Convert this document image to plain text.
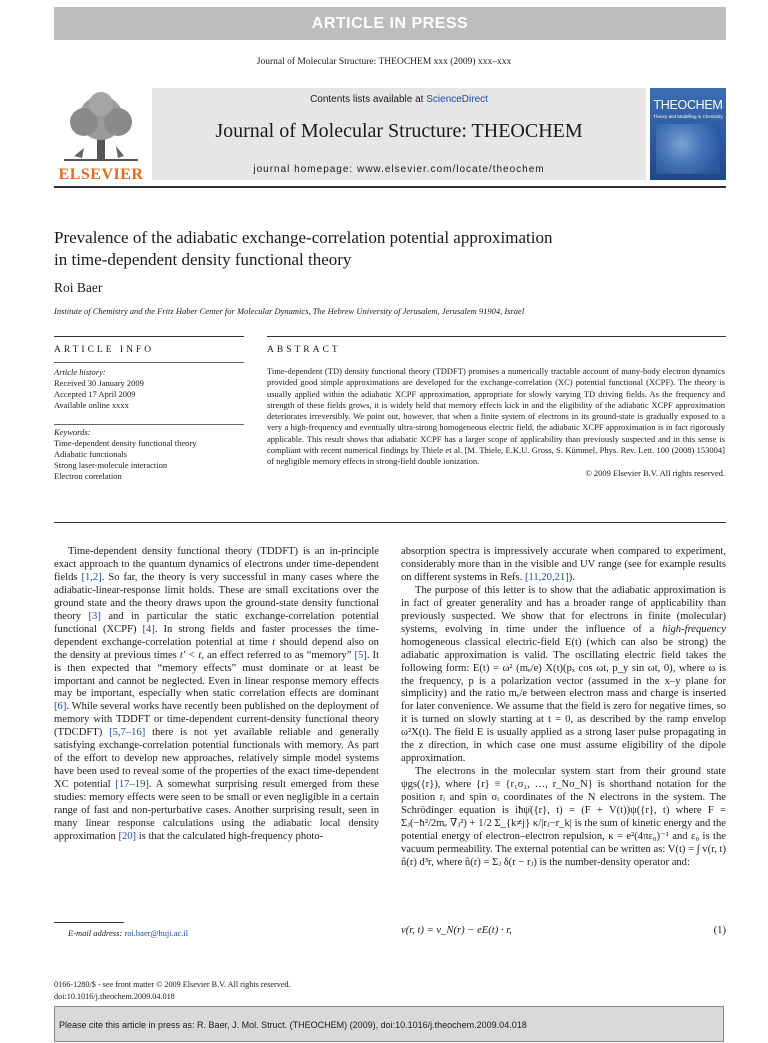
ARTICLE IN PRESS
Journal of Molecular Structure: THEOCHEM xxx (2009) xxx–xxx
ELSEVIER
Contents lists available at ScienceDirect
Journal of Molecular Structure: THEOCHEM
journal homepage: www.elsevier.com/locate/theochem
THEOCHEM
Theory and Modelling in Chemistry
Prevalence of the adiabatic exchange-correlation potential approximation
in time-dependent density functional theory
Roi Baer
Institute of Chemistry and the Fritz Haber Center for Molecular Dynamics, The Hebrew University of Jerusalem, Jerusalem 91904, Israel
ARTICLE INFO	ABSTRACT
Article history:
Received 30 January 2009
Accepted 17 April 2009
Available online xxxx
Keywords:
Time-dependent density functional theory
Adiabatic functionals
Strong laser-molecule interaction
Electron correlation
Time-dependent (TD) density functional theory (TDDFT) promises a numerically tractable account of many-body electron dynamics provided good simple approximations are developed for the exchange-correlation (XC) potential functional (XCPF). The theory is usually applied within the adiabatic XCPF approximation, appropriate for slowly varying TD driving fields. As the frequency and strength of these fields grows, it is widely held that memory effects kick in and the eligibility of the adiabatic XCPF approximation deteriorates irreversibly. We point out, however, that when a finite system of electrons in its ground-state is gradually exposed to a very a high-frequency and eventually ultra-strong homogeneous electric field, the adiabatic XCPF approximation is in fact rigorously applicable. This result shows that adiabatic XCPF has a larger scope of applicability than previously suspected and in this sense is compliant with recent numerical findings by Thiele et al. [M. Thiele, E.K.U. Gross, S. Kümmel, Phys. Rev. Lett. 100 (2008) 153004] of negligible memory effects in strong-field double ionization.
© 2009 Elsevier B.V. All rights reserved.

Time-dependent density functional theory (TDDFT) is an in-principle exact approach to the quantum dynamics of electrons under time-dependent fields [1,2]. So far, the theory is very successful in many cases where the adiabatic-linear-response limit holds. These are small excitations over the ground state and the theory draws upon the ground-state density functional theory [3] and in particular the static exchange-correlation potential functional (XCPF) [4]. In strong fields and faster processes the time-dependent exchange-correlation potential at time t should depend also on the density at previous times t′ < t, an effect referred to as “memory” [5]. It is then expected that “memory effects” must dominate or at least be important and cannot be neglected. Even in linear response memory effects may be important, especially when static correlation effects are dominant [6]. While several works have recently been published on the deployment of memory with TDDFT or time-dependent current-density functional theory (TDCDFT) [5,7–16] there is not yet available reliable and generally satisfying exchange-correlation potential functionals with memory. As part of the effort to develop new approaches, relatively simple model systems have been used to reveal some of the properties of the exact time-dependent XC potential [17–19]. A somewhat surprising result emerged from these studies: memory effects were seen to be small or even negligible in a certain range of fast and non-perturbative cases. Another surprising result, seen in many linear response calculations using the adiabatic local density approximation [20] is that the calculated high-frequency photo-

absorption spectra is impressively accurate when compared to experiment, considerably more than in the visible and UV range (see for example results on different systems in Refs. [11,20,21]).

The purpose of this letter is to show that the adiabatic approximation is in fact of greater generality and has a broader range of applicability than previously suspected. We show that for electrons in finite (molecular) systems, evolving in time under the influence of a high-frequency homogeneous classical electric-field E(t) (which can also be strong) the adiabatic approximation is valid. The oscillating electric field takes the following form: E(t) = ω² (mₑ/e) X(t)(pₓ cos ωt, p_y sin ωt, 0), where ω is the frequency, p is a polarization vector (assumed in the x–y plane for simplicity) and the ratio mₑ/e between electron mass and charge is inserted for later convenience. We assume that the field is zero for negative times, so it is turned on slowly starting at t = 0, as described by the ramp envelop ω²X(t). The field E is usually applied as a strong laser pulse propagating in the z direction, in which case one must assume eligibility of the dipole approximation.

The electrons in the molecular system start from their ground state ψgs({r}), where {r} ≡ {r₁σ₁, …, r_Nσ_N} is shorthand notation for the position rᵢ and spin σᵢ coordinates of the N electrons in the system. The Schrödinger equation is iħψ̇({r}, t) = (F + V(t))ψ({r}, t) where F = Σⱼ(−ħ²/2mₑ ∇ⱼ²) + 1/2 Σ_{k≠j} κ/|rⱼ−r_k| is the sum of kinetic energy and the potential energy of electron–electron repulsion, κ = e²(4πε₀)⁻¹ and ε₀ is the vacuum permeability. The external potential can be written as: V(t) = ∫ v(r, t) n̂(r) d³r, where n̂(r) = Σⱼ δ(r − rⱼ) is the number-density operator and:

E-mail address: roi.baer@huji.ac.il	v(r, t) = v_N(r) − eE(t) · r,	(1)
0166-1280/$ - see front matter © 2009 Elsevier B.V. All rights reserved.
doi:10.1016/j.theochem.2009.04.018
Please cite this article in press as: R. Baer, J. Mol. Struct. (THEOCHEM) (2009), doi:10.1016/j.theochem.2009.04.018
